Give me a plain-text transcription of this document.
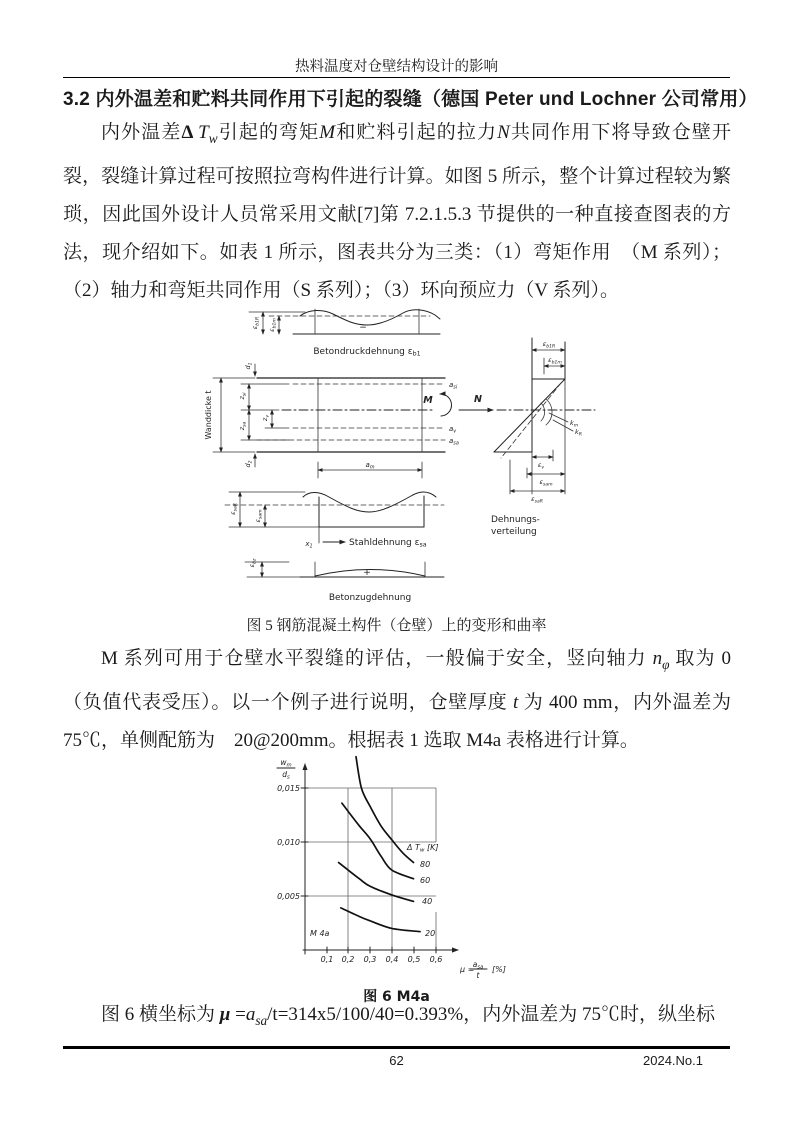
热料温度对仓壁结构设计的影响
3.2 内外温差和贮料共同作用下引起的裂缝（德国 Peter und Lochner 公司常用）

内外温差Δ $T_w$引起的弯矩M和贮料引起的拉力N共同作用下将导致仓壁开裂，裂缝计算过程可按照拉弯构件进行计算。如图 5 所示，整个计算过程较为繁琐，因此国外设计人员常采用文献[7]第 7.2.1.5.3 节提供的一种直接查图表的方法，现介绍如下。如表 1 所示，图表共分为三类：（1）弯矩作用　（M 系列）；（2）轴力和弯矩共同作用（S 系列）；（3）环向预应力（V 系列）。

$\varepsilon_{b1R}$
$\varepsilon_{b1m}$	−
Betondruckdehnung εb1
Wanddicke t
$d_1$
$d_2$
$z_{si}$
$z_{sa}$
$z_v$
$a_{si}$
$a_v$
$a_{sa}$
M	N
$a_m$
$\varepsilon_{saR}$
$\varepsilon_{sam}$
$x_1$	Stahldehnung εsa
+
$\varepsilon_{bz}$
Betonzugdehnung
$\varepsilon_{b1R}$
$\varepsilon_{b1m}$
$k_m$
$k_R$
$\varepsilon_v$
$\varepsilon_{sam}$
$\varepsilon_{saR}$
Dehnungs-
verteilung
图 5 钢筋混凝土构件（仓壁）上的变形和曲率

M 系列可用于仓壁水平裂缝的评估，一般偏于安全，竖向轴力 $n_\varphi$ 取为 0（负值代表受压）。以一个例子进行说明，仓壁厚度 t 为 400 mm，内外温差为 75℃，单侧配筋为　20@200mm。根据表 1 选取 M4a 表格进行计算。

0,015
0,010
0,005
0,1 0,2 0,3 0,4 0,5 0,6
$w_m$
$d_s$
μ =
$a_{sa}$
t
[%]
Δ Tw [K]
80
60
40
20
M 4a
图 6 M4a

图 6 横坐标为 $\mu =a_{sa}/t=314x5/100/40=0.393\%$，内外温差为 75℃时，纵坐标

62	2024.No.1
